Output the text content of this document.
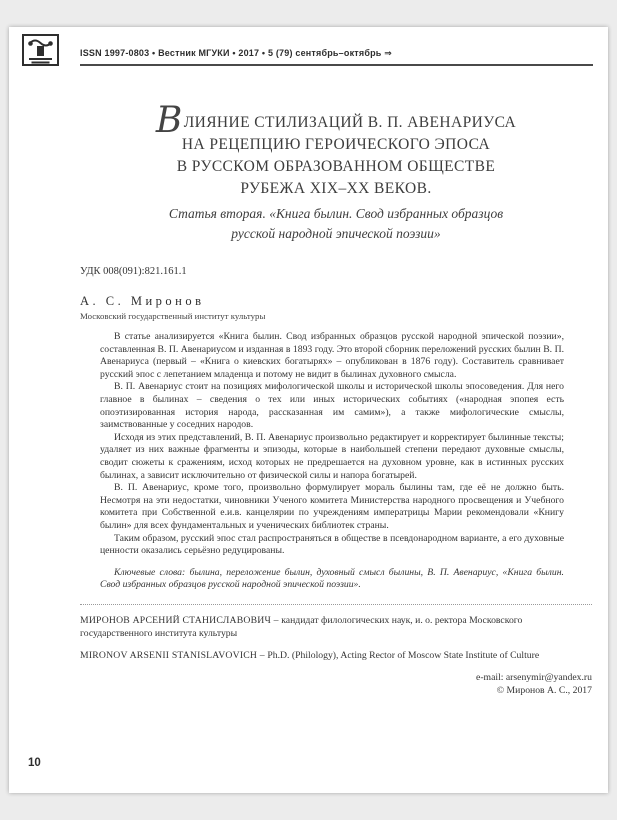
ISSN 1997-0803 • Вестник МГУКИ • 2017 • 5 (79) сентябрь–октябрь ⇒
ВЛИЯНИЕ СТИЛИЗАЦИЙ В. П. АВЕНАРИУСА
НА РЕЦЕПЦИЮ ГЕРОИЧЕСКОГО ЭПОСА
В РУССКОМ ОБРАЗОВАННОМ ОБЩЕСТВЕ
РУБЕЖА XIX–XX ВЕКОВ.
Статья вторая. «Книга былин. Свод избранных образцов русской народной эпической поэзии»
УДК 008(091):821.161.1
А. С. Миронов
Московский государственный институт культуры

В статье анализируется «Книга былин. Свод избранных образцов русской народной эпической поэзии», составленная В. П. Авенариусом и изданная в 1893 году. Это второй сборник переложений русских былин В. П. Авенариуса (первый – «Книга о киевских богатырях» – опубликован в 1876 году). Составитель сравнивает русский эпос с лепетанием младенца и потому не видит в былинах духовного смысла.

В. П. Авенариус стоит на позициях мифологической школы и исторической школы эпосоведения. Для него главное в былинах – сведения о тех или иных исторических событиях («народная эпопея есть опоэтизированная история народа, рассказанная им самим»), а также мифологические смыслы, заимствованные у соседних народов.

Исходя из этих представлений, В. П. Авенариус произвольно редактирует и корректирует былинные тексты; удаляет из них важные фрагменты и эпизоды, которые в наибольшей степени передают духовные смыслы, сводит сюжеты к сражениям, исход которых не предрешается на духовном уровне, как в истинных русских былинах, а зависит исключительно от физической силы и напора богатырей.

В. П. Авенариус, кроме того, произвольно формулирует мораль былины там, где её не должно быть. Несмотря на эти недостатки, чиновники Ученого комитета Министерства народного просвещения и Учебного комитета при Собственной е.и.в. канцелярии по учреждениям императрицы Марии рекомендовали «Книгу былин» для всех фундаментальных и ученических библиотек страны.

Таким образом, русский эпос стал распространяться в обществе в псевдонародном варианте, а его духовные ценности оказались серьёзно редуцированы.

Ключевые слова: былина, переложение былин, духовный смысл былины, В. П. Авенариус, «Книга былин. Свод избранных образцов русской народной эпической поэзии».

МИРОНОВ АРСЕНИЙ СТАНИСЛАВОВИЧ – кандидат филологических наук, и. о. ректора Московского государственного института культуры

MIRONOV ARSENII STANISLAVOVICH – Ph.D. (Philology), Acting Rector of Moscow State Institute of Culture

e-mail: arsenymir@yandex.ru
© Миронов А. С., 2017
10
